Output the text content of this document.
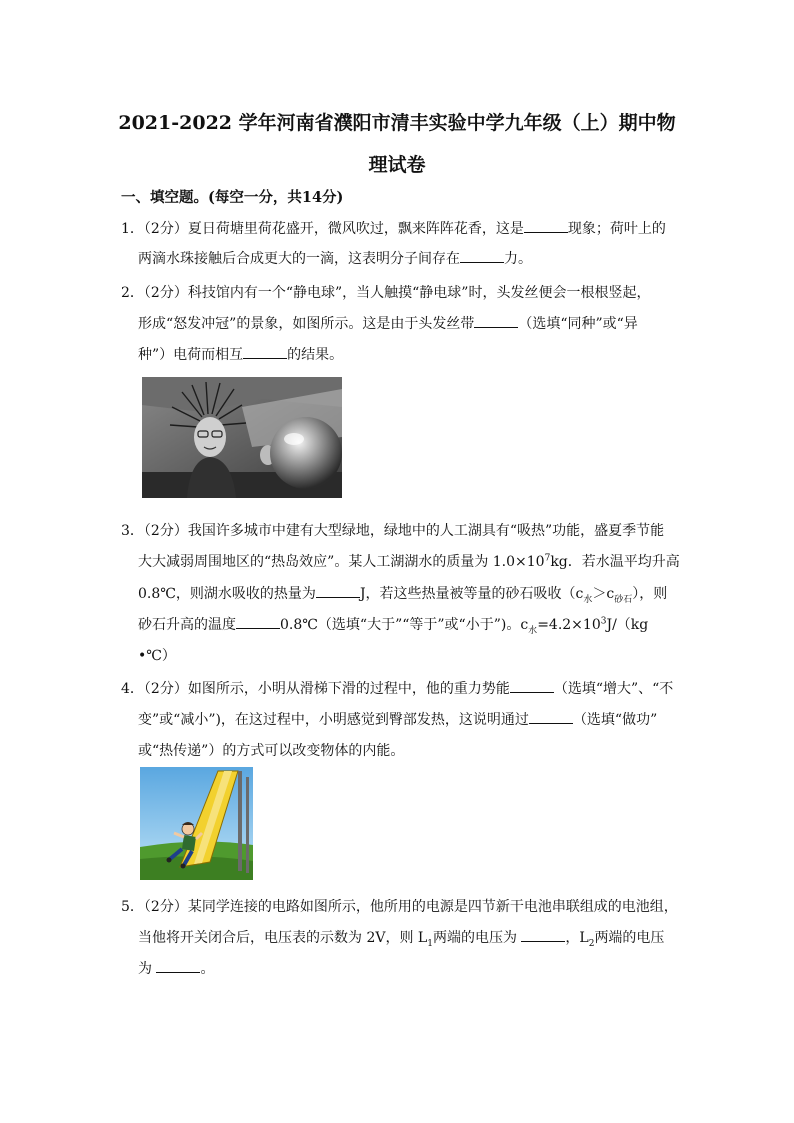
2021-2022 学年河南省濮阳市清丰实验中学九年级（上）期中物
理试卷
一、填空题。(每空一分，共14分)
1．（2分）夏日荷塘里荷花盛开，微风吹过，飘来阵阵花香，这是	现象；荷叶上的
两滴水珠接触后合成更大的一滴，这表明分子间存在	力。
2．（2分）科技馆内有一个“静电球”，当人触摸“静电球”时，头发丝便会一根根竖起，
形成“怒发冲冠”的景象，如图所示。这是由于头发丝带	（选填“同种”或“异
种”）电荷而相互	的结果。
3．（2分）我国许多城市中建有大型绿地，绿地中的人工湖具有“吸热”功能，盛夏季节能
大大减弱周围地区的“热岛效应”。某人工湖湖水的质量为 $1.0\times 10^7kg$．若水温平均升高
0.8℃，则湖水吸收的热量为	J，若这些热量被等量的砂石吸收$(c_水>c_{砂石})$，则
砂石升高的温度	0.8℃（选填“大于”“等于”或“小于”)。$c_水=4.2\times 10^3J/(kg$
•℃）
4．（2分）如图所示，小明从滑梯下滑的过程中，他的重力势能	（选填“增大”、“不
变”或“减小”)，在这过程中，小明感觉到臀部发热，这说明通过	（选填“做功”
或“热传递”）的方式可以改变物体的内能。
5．（2分）某同学连接的电路如图所示，他所用的电源是四节新干电池串联组成的电池组，
当他将开关闭合后，电压表的示数为 2V，则 $L_1$两端的电压为	，$L_2$两端的电压
为	。
